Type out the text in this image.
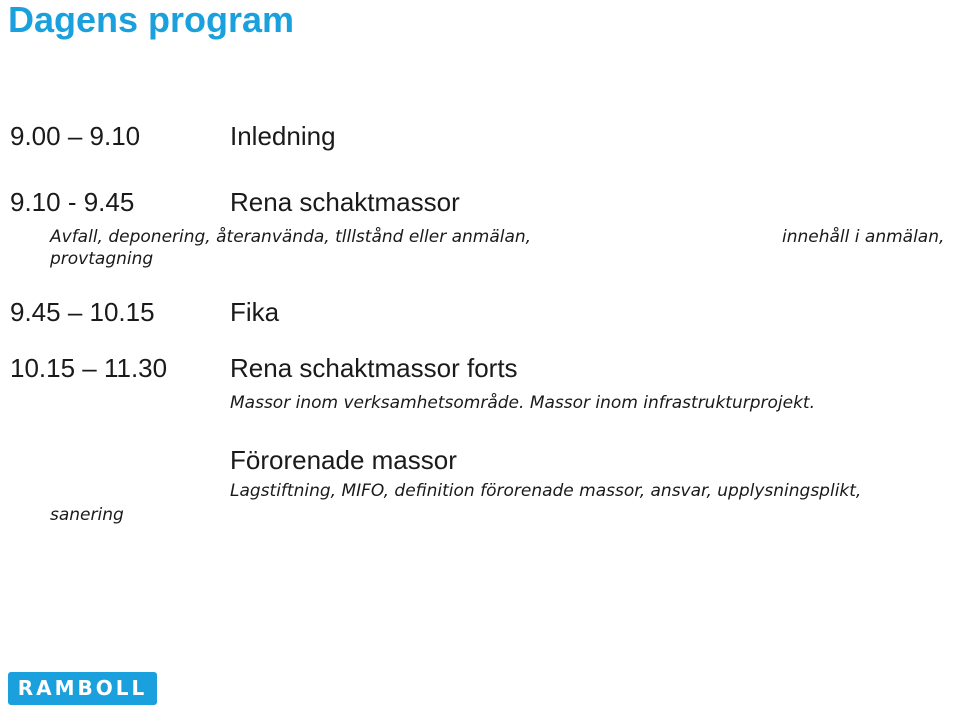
Dagens program
9.00 – 9.10	Inledning
9.10 - 9.45	Rena schaktmassor
Avfall, deponering, återanvända, tlllstånd eller anmälan,	innehåll i anmälan,
provtagning
9.45 – 10.15	Fika
10.15 – 11.30 Rena schaktmassor forts
Massor inom verksamhetsområde. Massor inom infrastrukturprojekt.
Förorenade massor
Lagstiftning, MIFO, definition förorenade massor, ansvar, upplysningsplikt,
sanering
RAMBOLL
